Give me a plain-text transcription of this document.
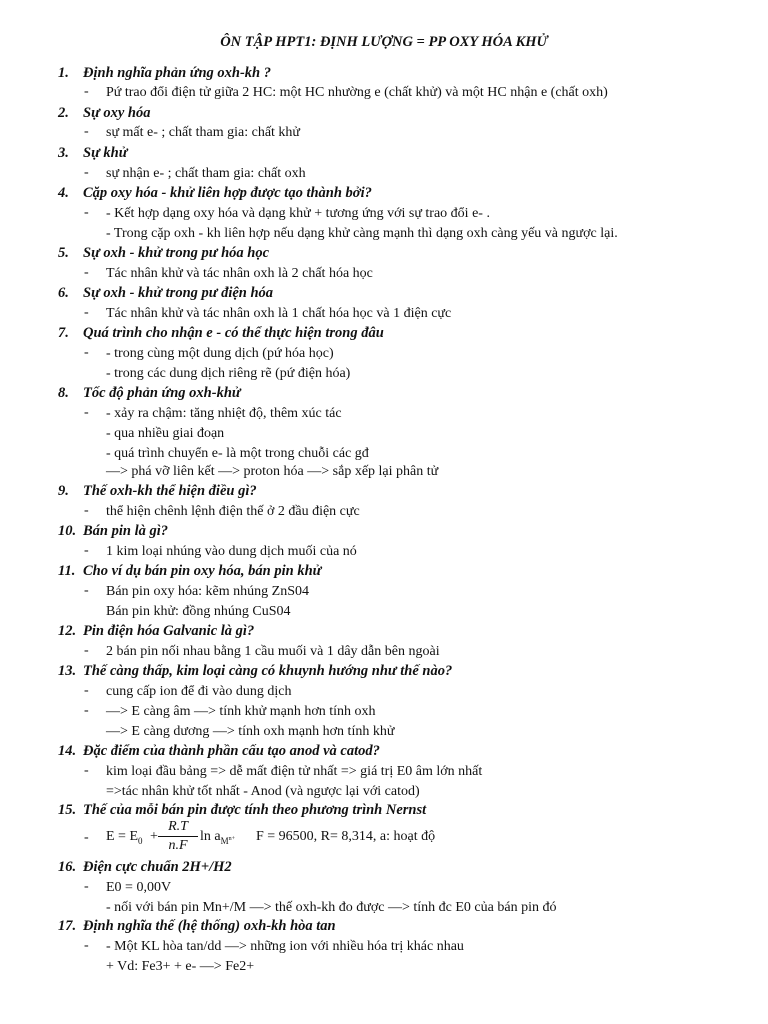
ÔN TẬP HPT1: ĐỊNH LƯỢNG = PP OXY HÓA KHỬ
1. Định nghĩa phản ứng oxh-kh ?
- Pứ trao đổi điện tử giữa 2 HC: một HC nhường e (chất khử) và một HC nhận e (chất oxh)
2. Sự oxy hóa
- sự mất e- ; chất tham gia: chất khử
3. Sự khử
- sự nhận e- ; chất tham gia: chất oxh
4. Cặp oxy hóa - khử liên hợp được tạo thành bởi?
- - Kết hợp dạng oxy hóa và dạng khử + tương ứng với sự trao đổi e- .
- Trong cặp oxh - kh liên hợp nếu dạng khử càng mạnh thì dạng oxh càng yếu và ngược lại.
5. Sự oxh - khử trong pư hóa học
- Tác nhân khử và tác nhân oxh là 2 chất hóa học
6. Sự oxh - khử trong pư điện hóa
- Tác nhân khử và tác nhân oxh là 1 chất hóa học và 1 điện cực
7. Quá trình cho nhận e - có thể thực hiện trong đâu
- - trong cùng một dung dịch (pứ hóa học)
- trong các dung dịch riêng rẽ (pứ điện hóa)
8. Tốc độ phản ứng oxh-khử
- - xảy ra chậm: tăng nhiệt độ, thêm xúc tác
- qua nhiều giai đoạn
- quá trình chuyển e- là một trong chuỗi các gđ
—> phá vỡ liên kết —> proton hóa —> sắp xếp lại phân tử
9. Thế oxh-kh thể hiện điều gì?
- thể hiện chênh lệnh điện thế ở 2 đầu điện cực
10. Bán pin là gì?
- 1 kim loại nhúng vào dung dịch muối của nó
11. Cho ví dụ bán pin oxy hóa, bán pin khử
- Bán pin oxy hóa: kẽm nhúng ZnS04
Bán pin khử: đồng nhúng CuS04
12. Pin điện hóa Galvanic là gì?
- 2 bán pin nối nhau bằng 1 cầu muối và 1 dây dẫn bên ngoài
13. Thế càng thấp, kim loại càng có khuynh hướng như thế nào?
- cung cấp ion để đi vào dung dịch
- —> E càng âm —> tính khử mạnh hơn tính oxh
—> E càng dương —> tính oxh mạnh hơn tính khử
14. Đặc điểm của thành phần cấu tạo anod và catod?
- kim loại đầu bảng => dễ mất điện tử nhất => giá trị E0 âm lớn nhất
=>tác nhân khử tốt nhất - Anod (và ngược lại với catod)
15. Thế của mỗi bán pin được tính theo phương trình Nernst
- $E = E_0 + \frac{R.T}{n.F}$ $\ln a_{M^{n+}}$ F = 96500, R= 8,314, a: hoạt độ
16. Điện cực chuẩn 2H+/H2
- E0 = 0,00V
- nối với bán pin Mn+/M —> thế oxh-kh đo được —> tính đc E0 của bán pin đó
17. Định nghĩa thế (hệ thống) oxh-kh hòa tan
- - Một KL hòa tan/dd —> những ion với nhiều hóa trị khác nhau
+ Vd: Fe3+ + e- —> Fe2+
